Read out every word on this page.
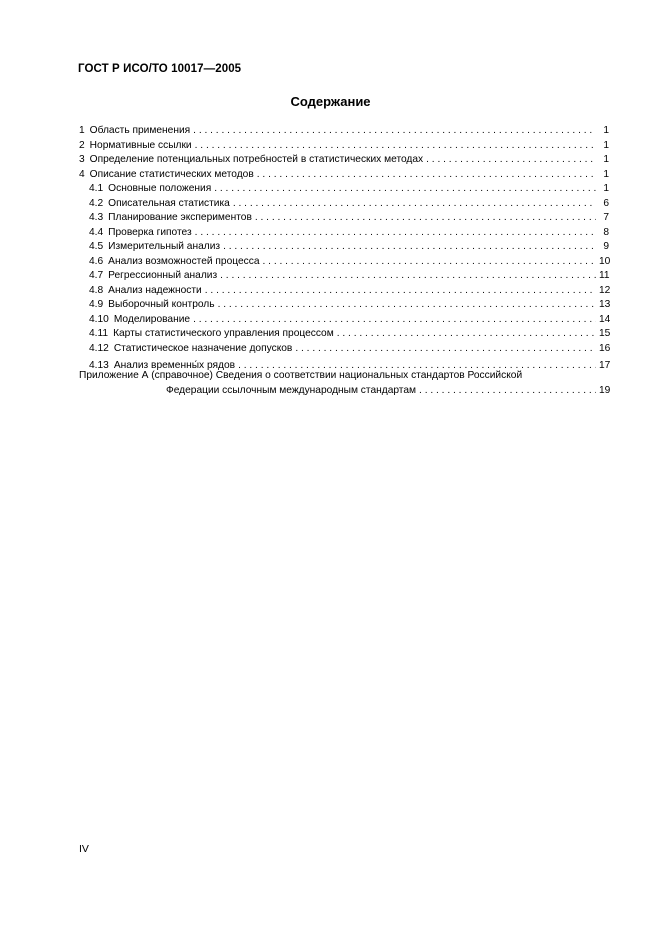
ГОСТ Р ИСО/ТО 10017—2005
Содержание
1 Область применения . . .	1
2 Нормативные ссылки . . .	1
3 Определение потенциальных потребностей в статистических методах . . .	1
4 Описание статистических методов . . .	1
4.1 Основные положения . . .	1
4.2 Описательная статистика . . .	6
4.3 Планирование экспериментов . . .	7
4.4 Проверка гипотез . . .	8
4.5 Измерительный анализ . . .	9
4.6 Анализ возможностей процесса . . .	10
4.7 Регрессионный анализ . . .	11
4.8 Анализ надежности . . .	12
4.9 Выборочный контроль . . .	13
4.10 Моделирование . . .	14
4.11 Карты статистического управления процессом . . .	15
4.12 Статистическое назначение допусков . . .	16
4.13 Анализ временны́х рядов . . .	17
Приложение А (справочное) Сведения о соответствии национальных стандартов Российской
Федерации ссылочным международным стандартам . . .	19
IV
